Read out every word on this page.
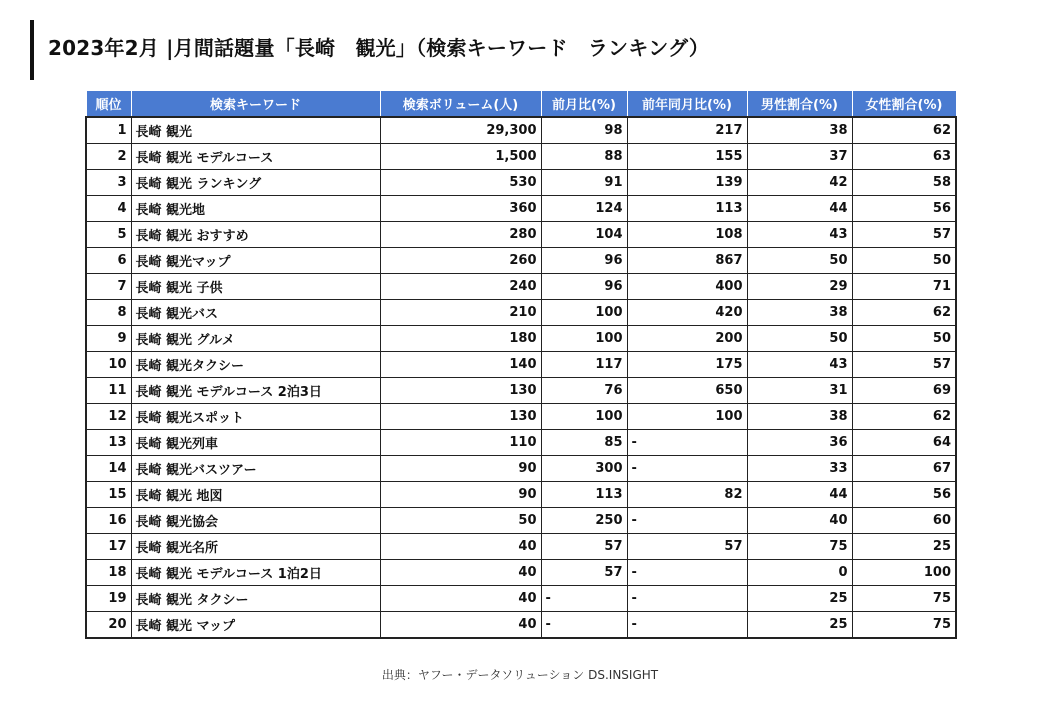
2023年2月 |月間話題量「長崎　観光」（検索キーワード　ランキング）
順位	検索キーワード	検索ボリューム(人)	前月比(%)	前年同月比(%)	男性割合(%)	女性割合(%)
1	長崎 観光	29,300	98	217	38	62
2	長崎 観光 モデルコース	1,500	88	155	37	63
3	長崎 観光 ランキング	530	91	139	42	58
4	長崎 観光地	360	124	113	44	56
5	長崎 観光 おすすめ	280	104	108	43	57
6	長崎 観光マップ	260	96	867	50	50
7	長崎 観光 子供	240	96	400	29	71
8	長崎 観光バス	210	100	420	38	62
9	長崎 観光 グルメ	180	100	200	50	50
10	長崎 観光タクシー	140	117	175	43	57
11	長崎 観光 モデルコース 2泊3日	130	76	650	31	69
12	長崎 観光スポット	130	100	100	38	62
13	長崎 観光列車	110	85	-	36	64
14	長崎 観光バスツアー	90	300	-	33	67
15	長崎 観光 地図	90	113	82	44	56
16	長崎 観光協会	50	250	-	40	60
17	長崎 観光名所	40	57	57	75	25
18	長崎 観光 モデルコース 1泊2日	40	57	-	0	100
19	長崎 観光 タクシー	40	-	-	25	75
20	長崎 観光 マップ	40	-	-	25	75
出典：ヤフー・データソリューション DS.INSIGHT
